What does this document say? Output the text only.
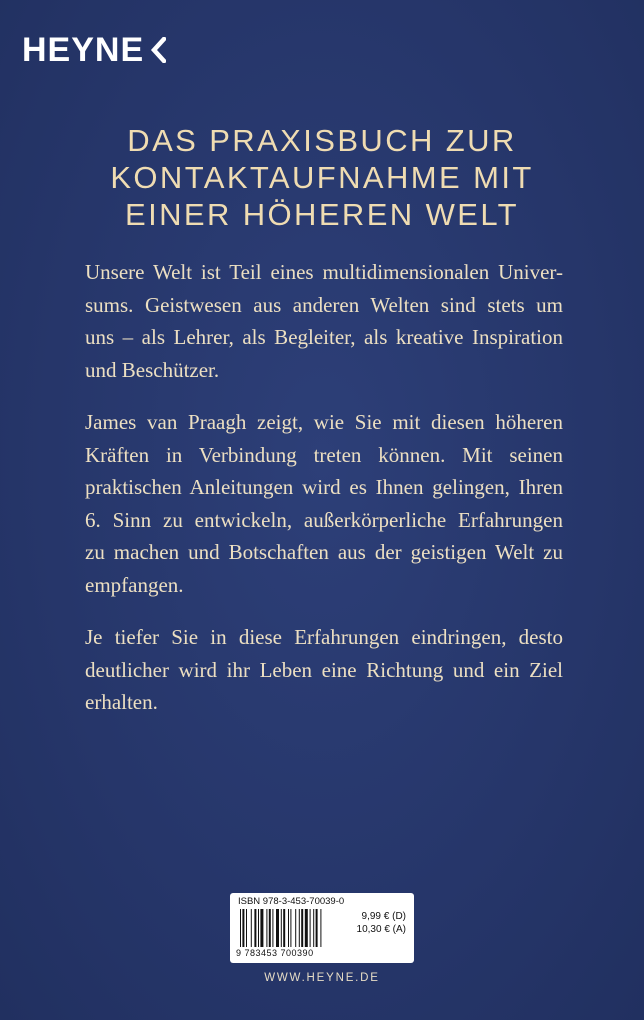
HEYNE
DAS PRAXISBUCH ZUR
KONTAKTAUFNAHME MIT
EINER HÖHEREN WELT

Unsere Welt ist Teil eines multidimensionalen Univer-
sums. Geistwesen aus anderen Welten sind stets um
uns – als Lehrer, als Begleiter, als kreative Inspiration
und Beschützer.

James van Praagh zeigt, wie Sie mit diesen höheren
Kräften in Verbindung treten können. Mit seinen
praktischen Anleitungen wird es Ihnen gelingen, Ihren
6. Sinn zu entwickeln, außerkörperliche Erfahrungen
zu machen und Botschaften aus der geistigen Welt zu
empfangen.

Je tiefer Sie in diese Erfahrungen eindringen, desto
deutlicher wird ihr Leben eine Richtung und ein Ziel
erhalten.

ISBN 978-3-453-70039-0
9 783453 700390
9,99 € (D)
10,30 € (A)
WWW.HEYNE.DE
